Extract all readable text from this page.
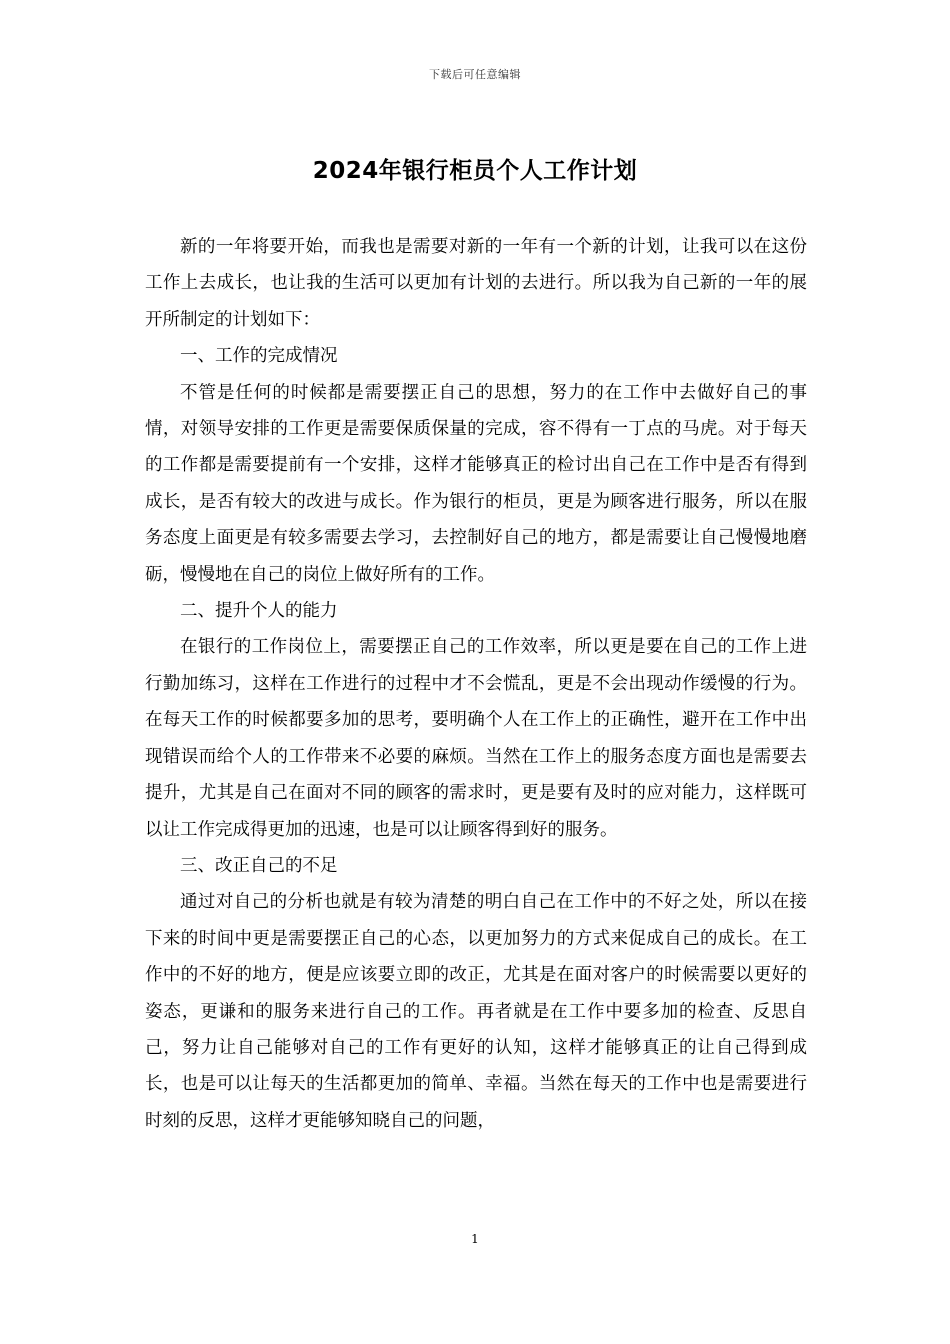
下载后可任意编辑
2024年银行柜员个人工作计划

新的一年将要开始，而我也是需要对新的一年有一个新的计划，让我可以在这份工作上去成长，也让我的生活可以更加有计划的去进行。所以我为自己新的一年的展开所制定的计划如下：

一、工作的完成情况

不管是任何的时候都是需要摆正自己的思想，努力的在工作中去做好自己的事情，对领导安排的工作更是需要保质保量的完成，容不得有一丁点的马虎。对于每天的工作都是需要提前有一个安排，这样才能够真正的检讨出自己在工作中是否有得到成长，是否有较大的改进与成长。作为银行的柜员，更是为顾客进行服务，所以在服务态度上面更是有较多需要去学习，去控制好自己的地方，都是需要让自己慢慢地磨砺，慢慢地在自己的岗位上做好所有的工作。

二、提升个人的能力

在银行的工作岗位上，需要摆正自己的工作效率，所以更是要在自己的工作上进行勤加练习，这样在工作进行的过程中才不会慌乱，更是不会出现动作缓慢的行为。在每天工作的时候都要多加的思考，要明确个人在工作上的正确性，避开在工作中出现错误而给个人的工作带来不必要的麻烦。当然在工作上的服务态度方面也是需要去提升，尤其是自己在面对不同的顾客的需求时，更是要有及时的应对能力，这样既可以让工作完成得更加的迅速，也是可以让顾客得到好的服务。

三、改正自己的不足

通过对自己的分析也就是有较为清楚的明白自己在工作中的不好之处，所以在接下来的时间中更是需要摆正自己的心态，以更加努力的方式来促成自己的成长。在工作中的不好的地方，便是应该要立即的改正，尤其是在面对客户的时候需要以更好的姿态，更谦和的服务来进行自己的工作。再者就是在工作中要多加的检查、反思自己，努力让自己能够对自己的工作有更好的认知，这样才能够真正的让自己得到成长，也是可以让每天的生活都更加的简单、幸福。当然在每天的工作中也是需要进行时刻的反思，这样才更能够知晓自己的问题，

1
